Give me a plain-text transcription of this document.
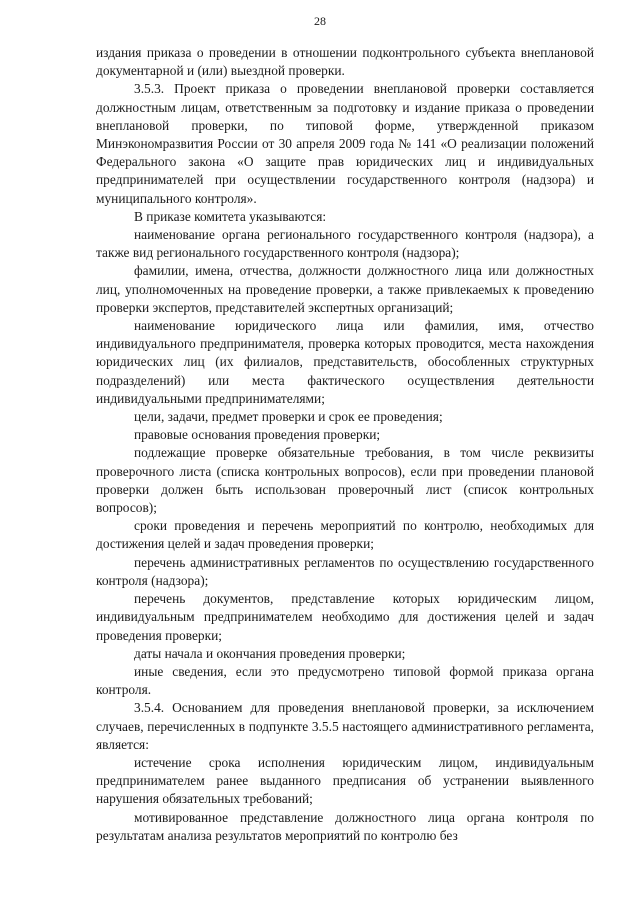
28

издания приказа о проведении в отношении подконтрольного субъекта внеплановой документарной и (или) выездной проверки.

3.5.3. Проект приказа о проведении внеплановой проверки составляется должностным лицам, ответственным за подготовку и издание приказа о проведении внеплановой проверки, по типовой форме, утвержденной приказом Минэкономразвития России от 30 апреля 2009 года № 141 «О реализации положений Федерального закона «О защите прав юридических лиц и индивидуальных предпринимателей при осуществлении государственного контроля (надзора) и муниципального контроля».

В приказе комитета указываются:

наименование органа регионального государственного контроля (надзора), а также вид регионального государственного контроля (надзора);

фамилии, имена, отчества, должности должностного лица или должностных лиц, уполномоченных на проведение проверки, а также привлекаемых к проведению проверки экспертов, представителей экспертных организаций;

наименование юридического лица или фамилия, имя, отчество индивидуального предпринимателя, проверка которых проводится, места нахождения юридических лиц (их филиалов, представительств, обособленных структурных подразделений) или места фактического осуществления деятельности индивидуальными предпринимателями;

цели, задачи, предмет проверки и срок ее проведения;

правовые основания проведения проверки;

подлежащие проверке обязательные требования, в том числе реквизиты проверочного листа (списка контрольных вопросов), если при проведении плановой проверки должен быть использован проверочный лист (список контрольных вопросов);

сроки проведения и перечень мероприятий по контролю, необходимых для достижения целей и задач проведения проверки;

перечень административных регламентов по осуществлению государственного контроля (надзора);

перечень документов, представление которых юридическим лицом, индивидуальным предпринимателем необходимо для достижения целей и задач проведения проверки;

даты начала и окончания проведения проверки;

иные сведения, если это предусмотрено типовой формой приказа органа контроля.

3.5.4. Основанием для проведения внеплановой проверки, за исключением случаев, перечисленных в подпункте 3.5.5 настоящего административного регламента, является:

истечение срока исполнения юридическим лицом, индивидуальным предпринимателем ранее выданного предписания об устранении выявленного нарушения обязательных требований;

мотивированное представление должностного лица органа контроля по результатам анализа результатов мероприятий по контролю без
